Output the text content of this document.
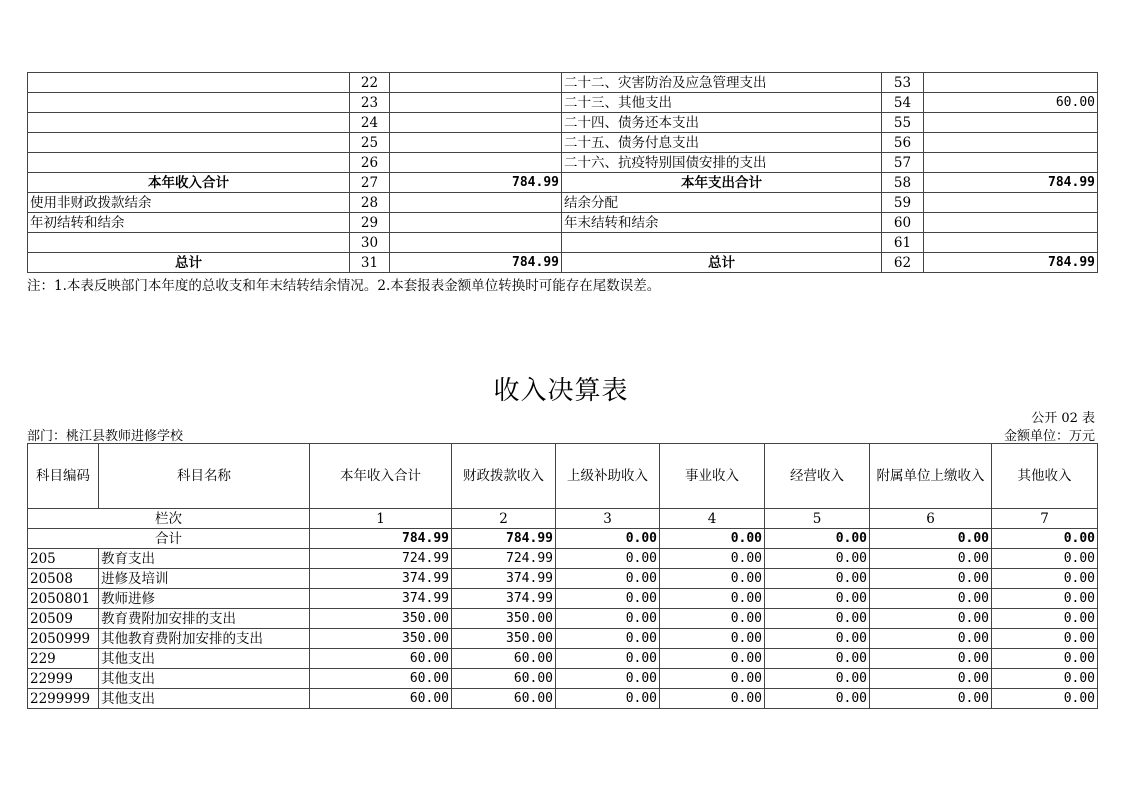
	22		二十二、灾害防治及应急管理支出	53	
	23		二十三、其他支出	54	60.00
	24		二十四、债务还本支出	55	
	25		二十五、债务付息支出	56	
	26		二十六、抗疫特别国债安排的支出	57	
本年收入合计	27	784.99	本年支出合计	58	784.99
使用非财政拨款结余	28		结余分配	59	
年初结转和结余	29		年末结转和结余	60	
	30			61	
总计	31	784.99	总计	62	784.99
注：1.本表反映部门本年度的总收支和年末结转结余情况。2.本套报表金额单位转换时可能存在尾数误差。
收入决算表
公开 02 表
部门：桃江县教师进修学校	金额单位：万元
科目编码	科目名称	本年收入合计	财政拨款收入	上级补助收入	事业收入	经营收入	附属单位上缴收入	其他收入
栏次		1	2	3	4	5	6	7
合计		784.99	784.99	0.00	0.00	0.00	0.00	0.00
205	教育支出	724.99	724.99	0.00	0.00	0.00	0.00	0.00
20508	进修及培训	374.99	374.99	0.00	0.00	0.00	0.00	0.00
2050801	教师进修	374.99	374.99	0.00	0.00	0.00	0.00	0.00
20509	教育费附加安排的支出	350.00	350.00	0.00	0.00	0.00	0.00	0.00
2050999	其他教育费附加安排的支出	350.00	350.00	0.00	0.00	0.00	0.00	0.00
229	其他支出	60.00	60.00	0.00	0.00	0.00	0.00	0.00
22999	其他支出	60.00	60.00	0.00	0.00	0.00	0.00	0.00
2299999	其他支出	60.00	60.00	0.00	0.00	0.00	0.00	0.00
